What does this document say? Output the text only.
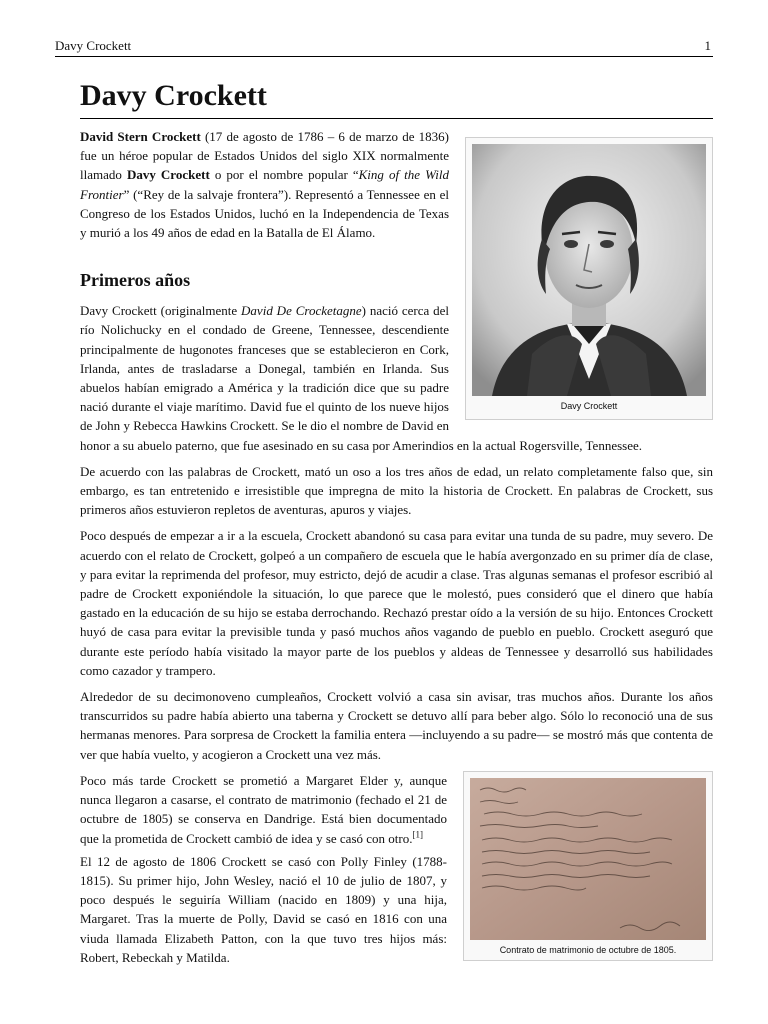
Davy Crockett	1
Davy Crockett
Davy Crockett

David Stern Crockett (17 de agosto de 1786 – 6 de marzo de 1836) fue un héroe popular de Estados Unidos del siglo XIX normalmente llamado Davy Crockett o por el nombre popular “King of the Wild Frontier” (“Rey de la salvaje frontera”). Representó a Tennessee en el Congreso de los Estados Unidos, luchó en la Independencia de Texas y murió a los 49 años de edad en la Batalla de El Álamo.

Primeros años

Davy Crockett (originalmente David De Crocketagne) nació cerca del río Nolichucky en el condado de Greene, Tennessee, descendiente principalmente de hugonotes franceses que se establecieron en Cork, Irlanda, antes de trasladarse a Donegal, también en Irlanda. Sus abuelos habían emigrado a América y la tradición dice que su padre nació durante el viaje marítimo. David fue el quinto de los nueve hijos de John y Rebecca Hawkins Crockett. Se le dio el nombre de David en honor a su abuelo paterno, que fue asesinado en su casa por Amerindios en la actual Rogersville, Tennessee.

De acuerdo con las palabras de Crockett, mató un oso a los tres años de edad, un relato completamente falso que, sin embargo, es tan entretenido e irresistible que impregna de mito la historia de Crockett. En palabras de Crockett, sus primeros años estuvieron repletos de aventuras, apuros y viajes.

Poco después de empezar a ir a la escuela, Crockett abandonó su casa para evitar una tunda de su padre, muy severo. De acuerdo con el relato de Crockett, golpeó a un compañero de escuela que le había avergonzado en su primer día de clase, y para evitar la reprimenda del profesor, muy estricto, dejó de acudir a clase. Tras algunas semanas el profesor escribió al padre de Crockett exponiéndole la situación, lo que parece que le molestó, pues consideró que el dinero que había gastado en la educación de su hijo se estaba derrochando. Rechazó prestar oído a la versión de su hijo. Entonces Crockett huyó de casa para evitar la previsible tunda y pasó muchos años vagando de pueblo en pueblo. Crockett aseguró que durante este período había visitado la mayor parte de los pueblos y aldeas de Tennessee y desarrolló sus habilidades como cazador y trampero.

Alrededor de su decimonoveno cumpleaños, Crockett volvió a casa sin avisar, tras muchos años. Durante los años transcurridos su padre había abierto una taberna y Crockett se detuvo allí para beber algo. Sólo lo reconoció una de sus hermanas menores. Para sorpresa de Crockett la familia entera —incluyendo a su padre— se mostró más que contenta de ver que había vuelto, y acogieron a Crockett una vez más.

Contrato de matrimonio de octubre de 1805.

Poco más tarde Crockett se prometió a Margaret Elder y, aunque nunca llegaron a casarse, el contrato de matrimonio (fechado el 21 de octubre de 1805) se conserva en Dandrige. Está bien documentado que la prometida de Crockett cambió de idea y se casó con otro.[1]

El 12 de agosto de 1806 Crockett se casó con Polly Finley (1788-1815). Su primer hijo, John Wesley, nació el 10 de julio de 1807, y poco después le seguiría William (nacido en 1809) y una hija, Margaret. Tras la muerte de Polly, David se casó en 1816 con una viuda llamada Elizabeth Patton, con la que tuvo tres hijos más: Robert, Rebeckah y Matilda.
